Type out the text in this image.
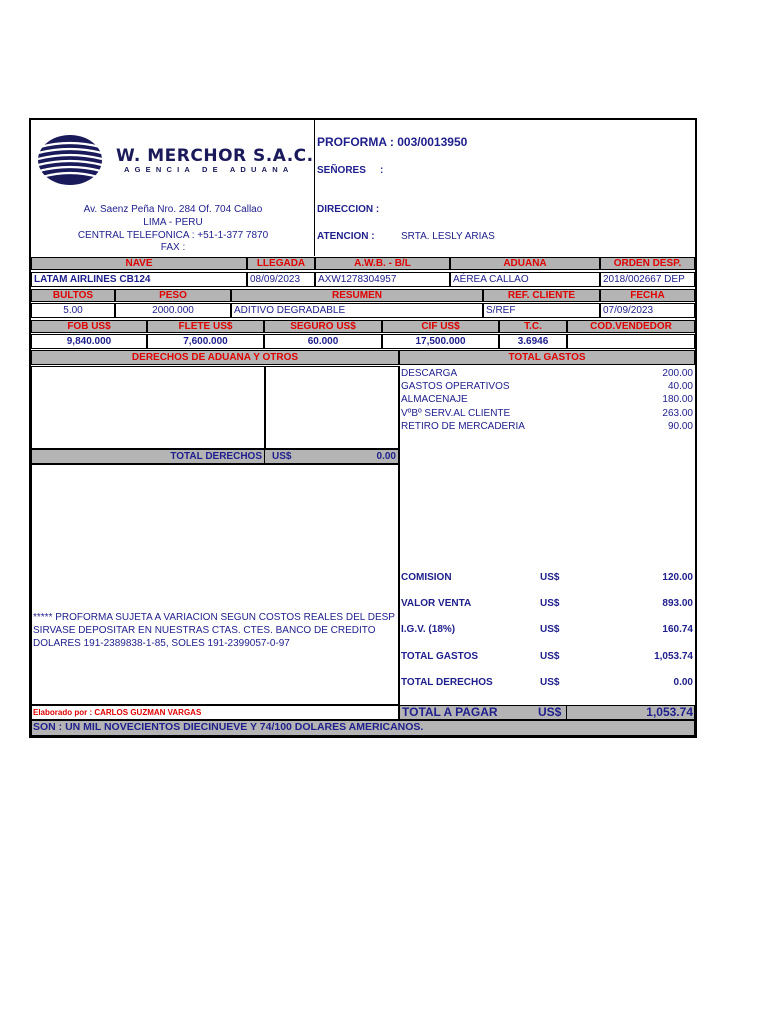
W. MERCHOR S.A.C.
AGENCIA DE ADUANA
Av. Saenz Peña Nro. 284 Of. 704 Callao
LIMA - PERU
CENTRAL TELEFONICA : +51-1-377 7870
FAX :
PROFORMA : 003/0013950
SEÑORES :
DIRECCION :
ATENCION :	SRTA. LESLY ARIAS
NAVE	LLEGADA	A.W.B. - B/L	ADUANA	ORDEN DESP.
LATAM AIRLINES CB124	08/09/2023	AXW1278304957	AÉREA CALLAO	2018/002667 DEP
BULTOS	PESO	RESUMEN	REF. CLIENTE	FECHA
5.00	2000.000	ADITIVO DEGRADABLE	S/REF	07/09/2023
FOB US$	FLETE US$	SEGURO US$	CIF US$	T.C.	COD.VENDEDOR
9,840.000	7,600.000	60.000	17,500.000	3.6946
DERECHOS DE ADUANA Y OTROS	TOTAL GASTOS
TOTAL DERECHOS US$	0.00
DESCARGA	200.00
GASTOS OPERATIVOS	40.00
ALMACENAJE	180.00
VºBº SERV.AL CLIENTE	263.00
RETIRO DE MERCADERIA	90.00
COMISION	US$	120.00
VALOR VENTA	US$	893.00
I.G.V. (18%)	US$	160.74
TOTAL GASTOS	US$	1,053.74
TOTAL DERECHOS	US$	0.00
***** PROFORMA SUJETA A VARIACION SEGUN COSTOS REALES DEL DESP
SIRVASE DEPOSITAR EN NUESTRAS CTAS. CTES. BANCO DE CREDITO
DOLARES 191-2389838-1-85, SOLES 191-2399057-0-97
Elaborado por : CARLOS GUZMAN VARGAS	TOTAL A PAGAR	US$	1,053.74
SON : UN MIL NOVECIENTOS DIECINUEVE Y 74/100 DOLARES AMERICANOS.
